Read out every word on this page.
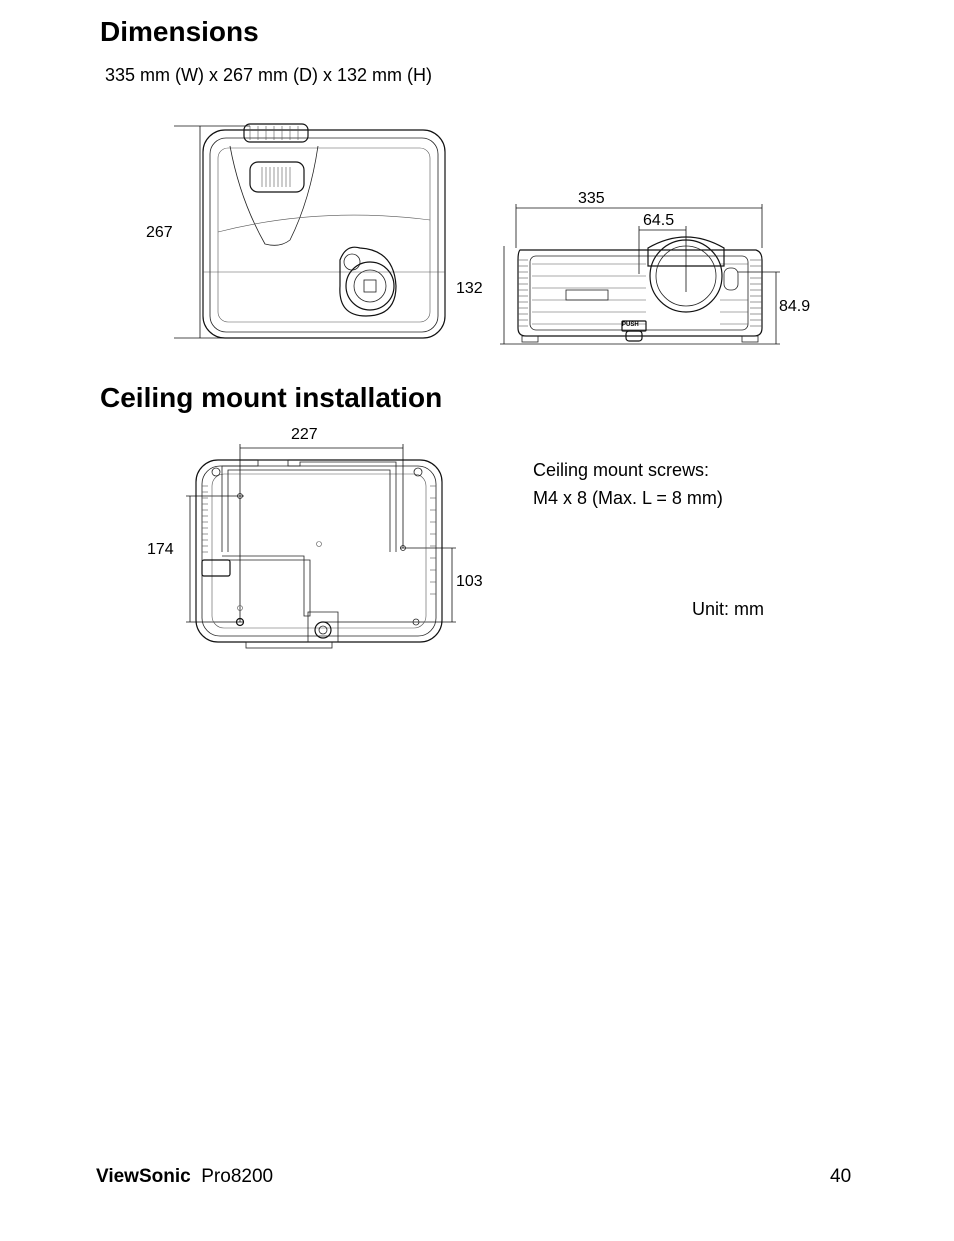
Dimensions
335 mm (W) x 267 mm (D) x 132 mm (H)
267
132
PUSH
335
64.5
84.9
Ceiling mount installation
227
174
103
Ceiling mount screws:
M4 x 8 (Max. L = 8 mm)
Unit: mm
ViewSonic Pro8200	40
